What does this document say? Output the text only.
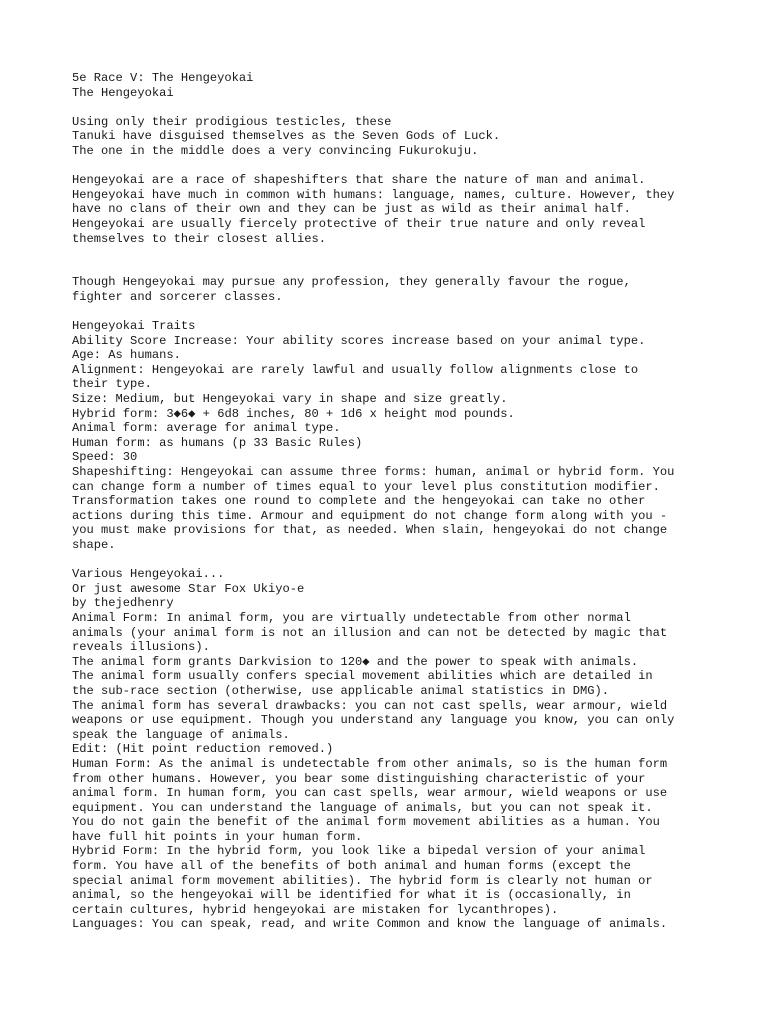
5e Race V: The Hengeyokai
The Hengeyokai
Using only their prodigious testicles, these
Tanuki have disguised themselves as the Seven Gods of Luck.
The one in the middle does a very convincing Fukurokuju.
Hengeyokai are a race of shapeshifters that share the nature of man and animal.
Hengeyokai have much in common with humans: language, names, culture. However, they
have no clans of their own and they can be just as wild as their animal half.
Hengeyokai are usually fiercely protective of their true nature and only reveal
themselves to their closest allies.
Though Hengeyokai may pursue any profession, they generally favour the rogue,
fighter and sorcerer classes.
Hengeyokai Traits
Ability Score Increase: Your ability scores increase based on your animal type.
Age: As humans.
Alignment: Hengeyokai are rarely lawful and usually follow alignments close to
their type.
Size: Medium, but Hengeyokai vary in shape and size greatly.
Hybrid form: 3◆6◆ + 6d8 inches, 80 + 1d6 x height mod pounds.
Animal form: average for animal type.
Human form: as humans (p 33 Basic Rules)
Speed: 30
Shapeshifting: Hengeyokai can assume three forms: human, animal or hybrid form. You
can change form a number of times equal to your level plus constitution modifier.
Transformation takes one round to complete and the hengeyokai can take no other
actions during this time. Armour and equipment do not change form along with you -
you must make provisions for that, as needed. When slain, hengeyokai do not change
shape.
Various Hengeyokai...
Or just awesome Star Fox Ukiyo-e
by thejedhenry
Animal Form: In animal form, you are virtually undetectable from other normal
animals (your animal form is not an illusion and can not be detected by magic that
reveals illusions).
The animal form grants Darkvision to 120◆ and the power to speak with animals.
The animal form usually confers special movement abilities which are detailed in
the sub-race section (otherwise, use applicable animal statistics in DMG).
The animal form has several drawbacks: you can not cast spells, wear armour, wield
weapons or use equipment. Though you understand any language you know, you can only
speak the language of animals.
Edit: (Hit point reduction removed.)
Human Form: As the animal is undetectable from other animals, so is the human form
from other humans. However, you bear some distinguishing characteristic of your
animal form. In human form, you can cast spells, wear armour, wield weapons or use
equipment. You can understand the language of animals, but you can not speak it.
You do not gain the benefit of the animal form movement abilities as a human. You
have full hit points in your human form.
Hybrid Form: In the hybrid form, you look like a bipedal version of your animal
form. You have all of the benefits of both animal and human forms (except the
special animal form movement abilities). The hybrid form is clearly not human or
animal, so the hengeyokai will be identified for what it is (occasionally, in
certain cultures, hybrid hengeyokai are mistaken for lycanthropes).
Languages: You can speak, read, and write Common and know the language of animals.
